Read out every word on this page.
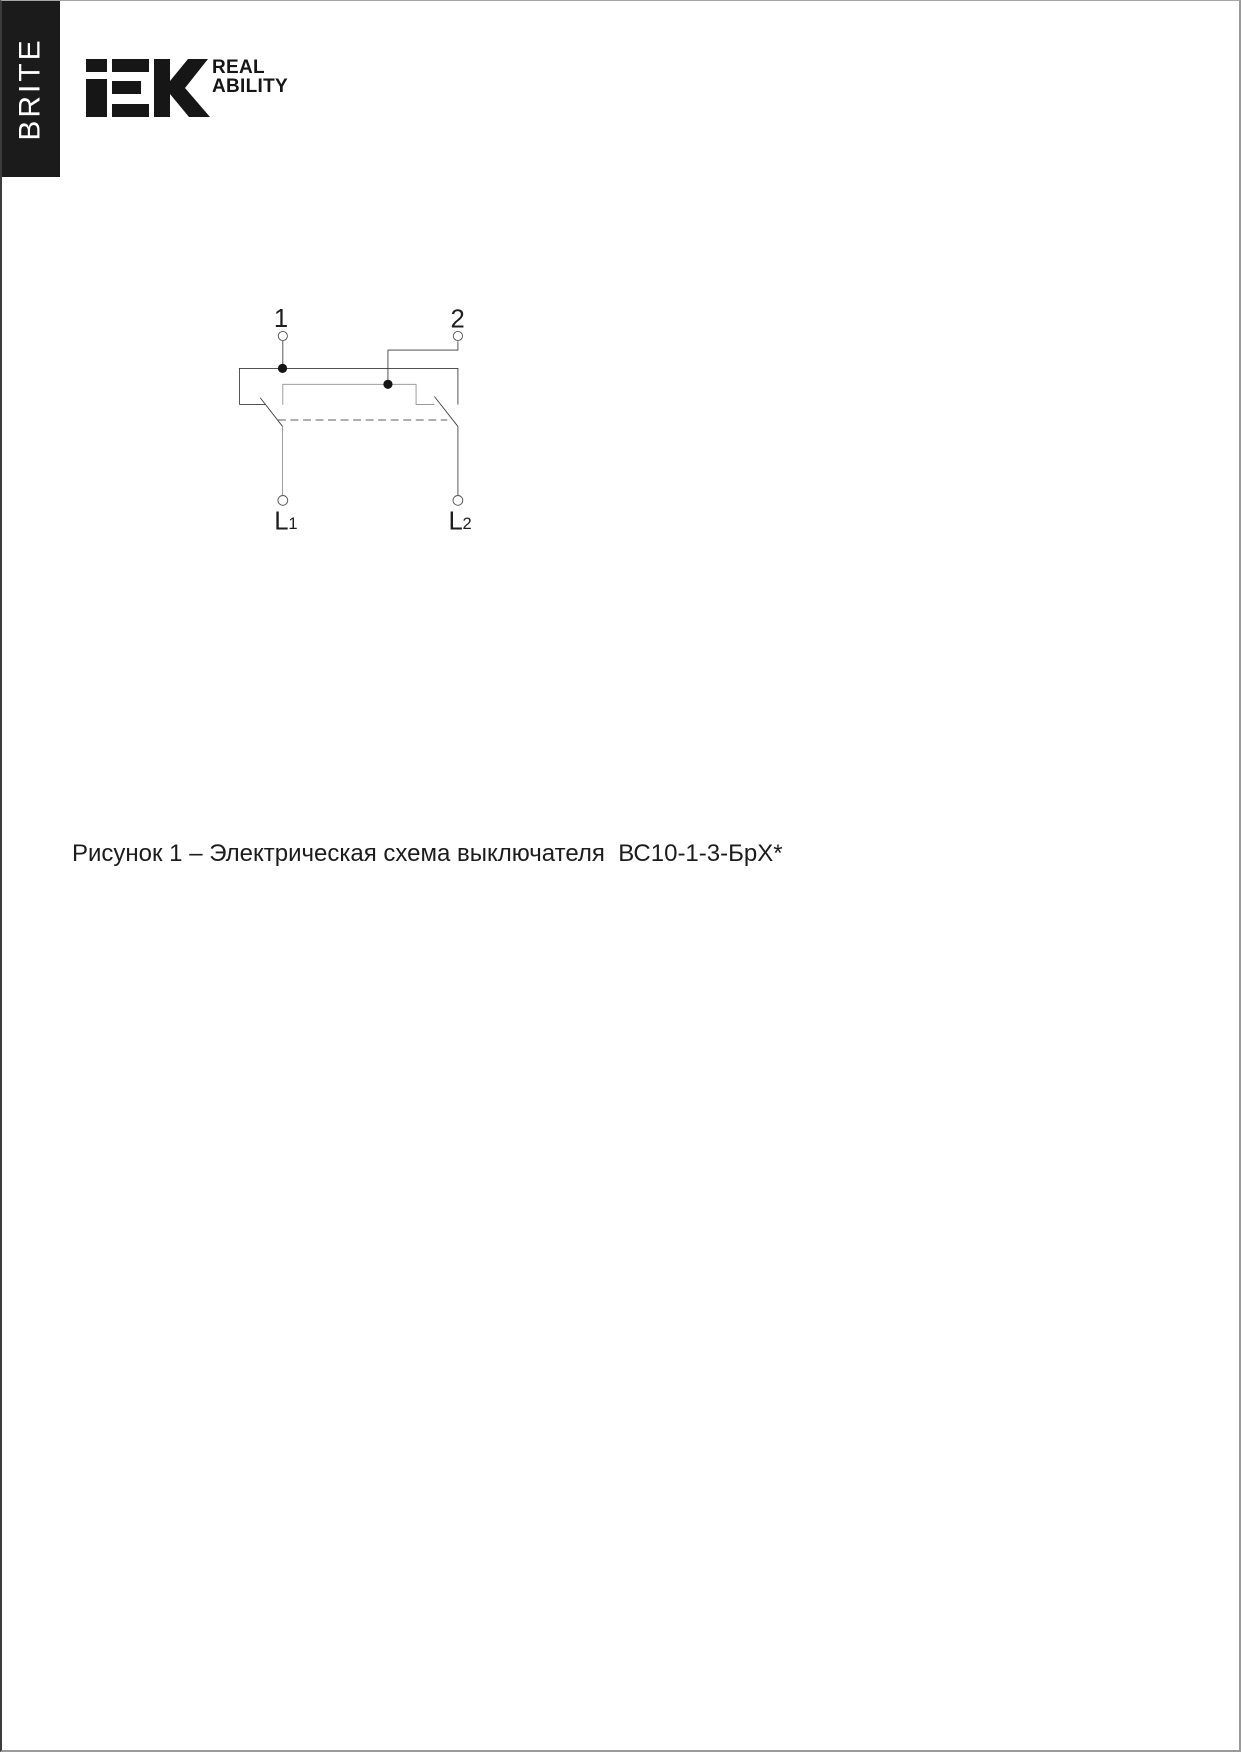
BRITE	REAL
ABILITY
1	2
L 1	L 2
Рисунок 1 – Электрическая схема выключателя  ВС10-1-3-БрХ*
